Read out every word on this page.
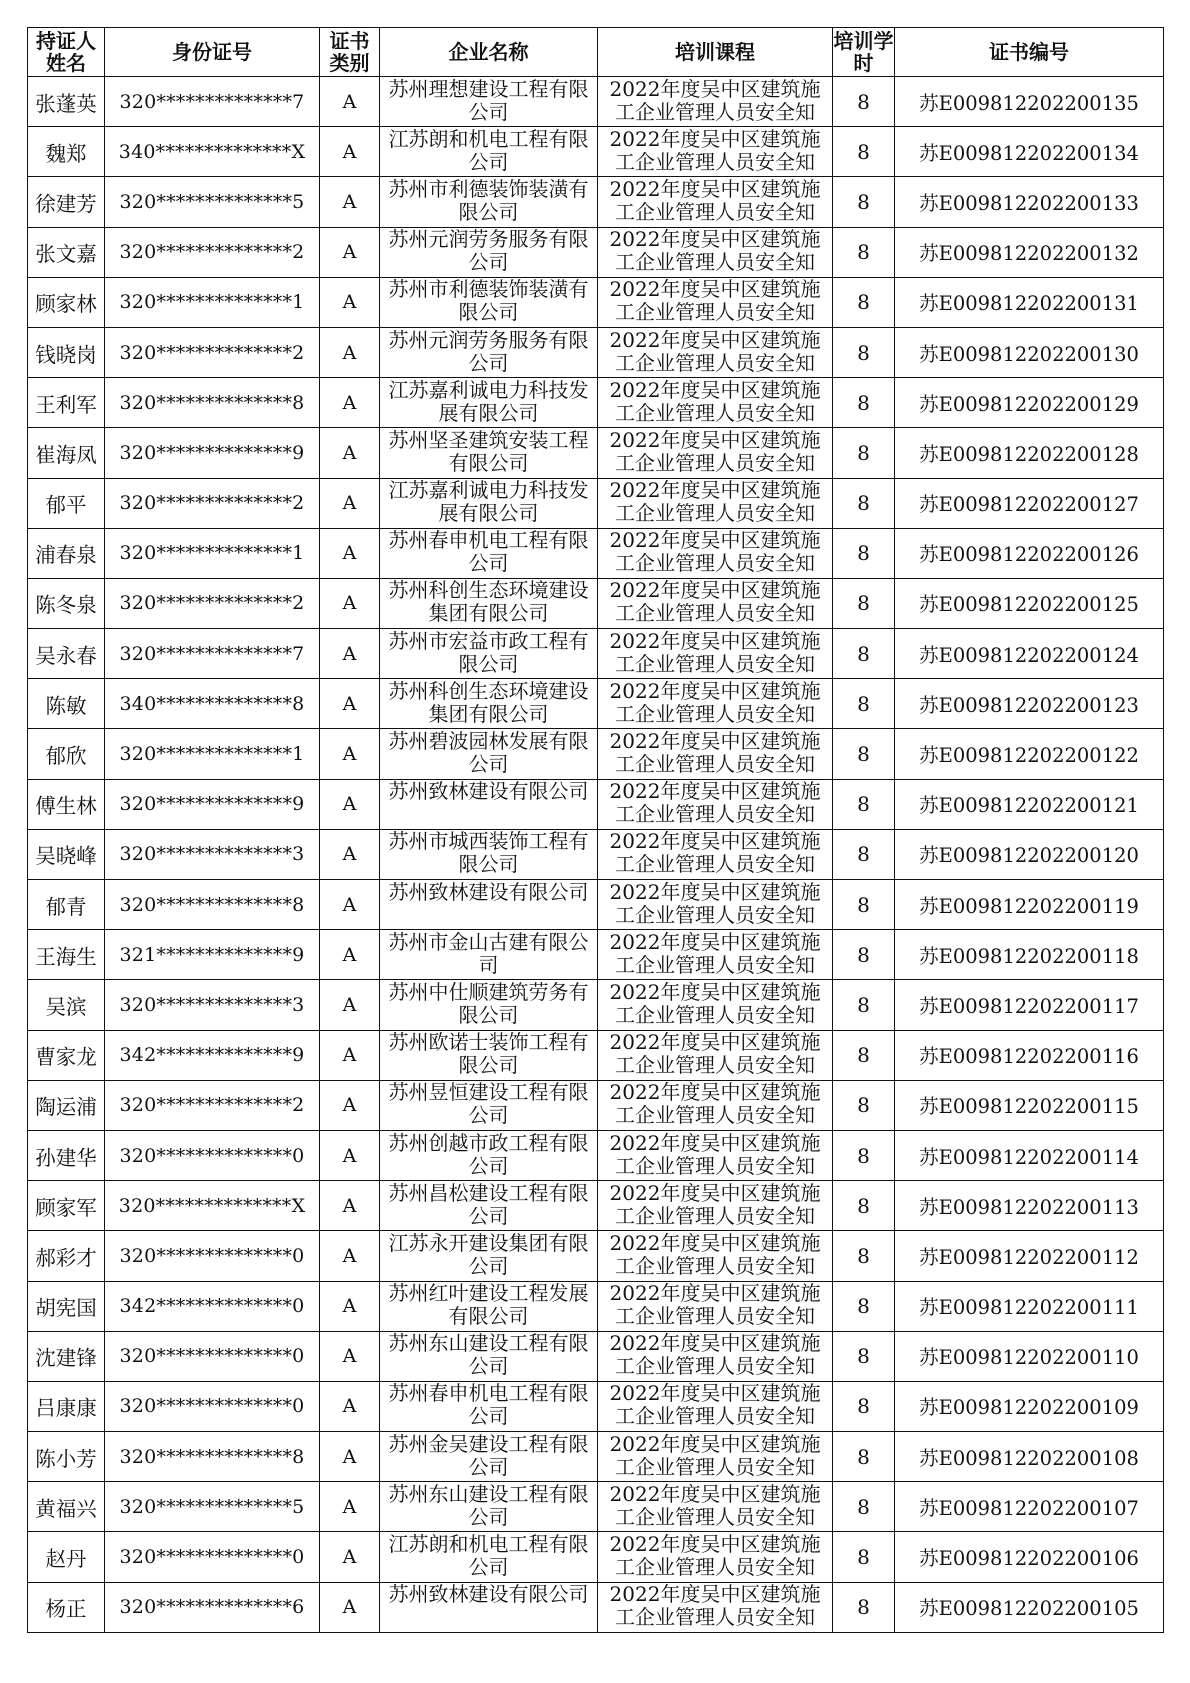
持证人姓名	身份证号	证书类别	企业名称	培训课程	培训学时	证书编号
张蓬英	320**************7	A	苏州理想建设工程有限公司	2022年度吴中区建筑施工企业管理人员安全知	8	苏E009812202200135
魏郑	340**************X	A	江苏朗和机电工程有限公司	2022年度吴中区建筑施工企业管理人员安全知	8	苏E009812202200134
徐建芳	320**************5	A	苏州市利德装饰装潢有限公司	2022年度吴中区建筑施工企业管理人员安全知	8	苏E009812202200133
张文嘉	320**************2	A	苏州元润劳务服务有限公司	2022年度吴中区建筑施工企业管理人员安全知	8	苏E009812202200132
顾家林	320**************1	A	苏州市利德装饰装潢有限公司	2022年度吴中区建筑施工企业管理人员安全知	8	苏E009812202200131
钱晓岗	320**************2	A	苏州元润劳务服务有限公司	2022年度吴中区建筑施工企业管理人员安全知	8	苏E009812202200130
王利军	320**************8	A	江苏嘉利诚电力科技发展有限公司	2022年度吴中区建筑施工企业管理人员安全知	8	苏E009812202200129
崔海凤	320**************9	A	苏州坚圣建筑安装工程有限公司	2022年度吴中区建筑施工企业管理人员安全知	8	苏E009812202200128
郁平	320**************2	A	江苏嘉利诚电力科技发展有限公司	2022年度吴中区建筑施工企业管理人员安全知	8	苏E009812202200127
浦春泉	320**************1	A	苏州春申机电工程有限公司	2022年度吴中区建筑施工企业管理人员安全知	8	苏E009812202200126
陈冬泉	320**************2	A	苏州科创生态环境建设集团有限公司	2022年度吴中区建筑施工企业管理人员安全知	8	苏E009812202200125
吴永春	320**************7	A	苏州市宏益市政工程有限公司	2022年度吴中区建筑施工企业管理人员安全知	8	苏E009812202200124
陈敏	340**************8	A	苏州科创生态环境建设集团有限公司	2022年度吴中区建筑施工企业管理人员安全知	8	苏E009812202200123
郁欣	320**************1	A	苏州碧波园林发展有限公司	2022年度吴中区建筑施工企业管理人员安全知	8	苏E009812202200122
傅生林	320**************9	A	苏州致林建设有限公司	2022年度吴中区建筑施工企业管理人员安全知	8	苏E009812202200121
吴晓峰	320**************3	A	苏州市城西装饰工程有限公司	2022年度吴中区建筑施工企业管理人员安全知	8	苏E009812202200120
郁青	320**************8	A	苏州致林建设有限公司	2022年度吴中区建筑施工企业管理人员安全知	8	苏E009812202200119
王海生	321**************9	A	苏州市金山古建有限公司	2022年度吴中区建筑施工企业管理人员安全知	8	苏E009812202200118
吴滨	320**************3	A	苏州中仕顺建筑劳务有限公司	2022年度吴中区建筑施工企业管理人员安全知	8	苏E009812202200117
曹家龙	342**************9	A	苏州欧诺士装饰工程有限公司	2022年度吴中区建筑施工企业管理人员安全知	8	苏E009812202200116
陶运浦	320**************2	A	苏州昱恒建设工程有限公司	2022年度吴中区建筑施工企业管理人员安全知	8	苏E009812202200115
孙建华	320**************0	A	苏州创越市政工程有限公司	2022年度吴中区建筑施工企业管理人员安全知	8	苏E009812202200114
顾家军	320**************X	A	苏州昌松建设工程有限公司	2022年度吴中区建筑施工企业管理人员安全知	8	苏E009812202200113
郝彩才	320**************0	A	江苏永开建设集团有限公司	2022年度吴中区建筑施工企业管理人员安全知	8	苏E009812202200112
胡宪国	342**************0	A	苏州红叶建设工程发展有限公司	2022年度吴中区建筑施工企业管理人员安全知	8	苏E009812202200111
沈建锋	320**************0	A	苏州东山建设工程有限公司	2022年度吴中区建筑施工企业管理人员安全知	8	苏E009812202200110
吕康康	320**************0	A	苏州春申机电工程有限公司	2022年度吴中区建筑施工企业管理人员安全知	8	苏E009812202200109
陈小芳	320**************8	A	苏州金吴建设工程有限公司	2022年度吴中区建筑施工企业管理人员安全知	8	苏E009812202200108
黄福兴	320**************5	A	苏州东山建设工程有限公司	2022年度吴中区建筑施工企业管理人员安全知	8	苏E009812202200107
赵丹	320**************0	A	江苏朗和机电工程有限公司	2022年度吴中区建筑施工企业管理人员安全知	8	苏E009812202200106
杨正	320**************6	A	苏州致林建设有限公司	2022年度吴中区建筑施工企业管理人员安全知	8	苏E009812202200105
